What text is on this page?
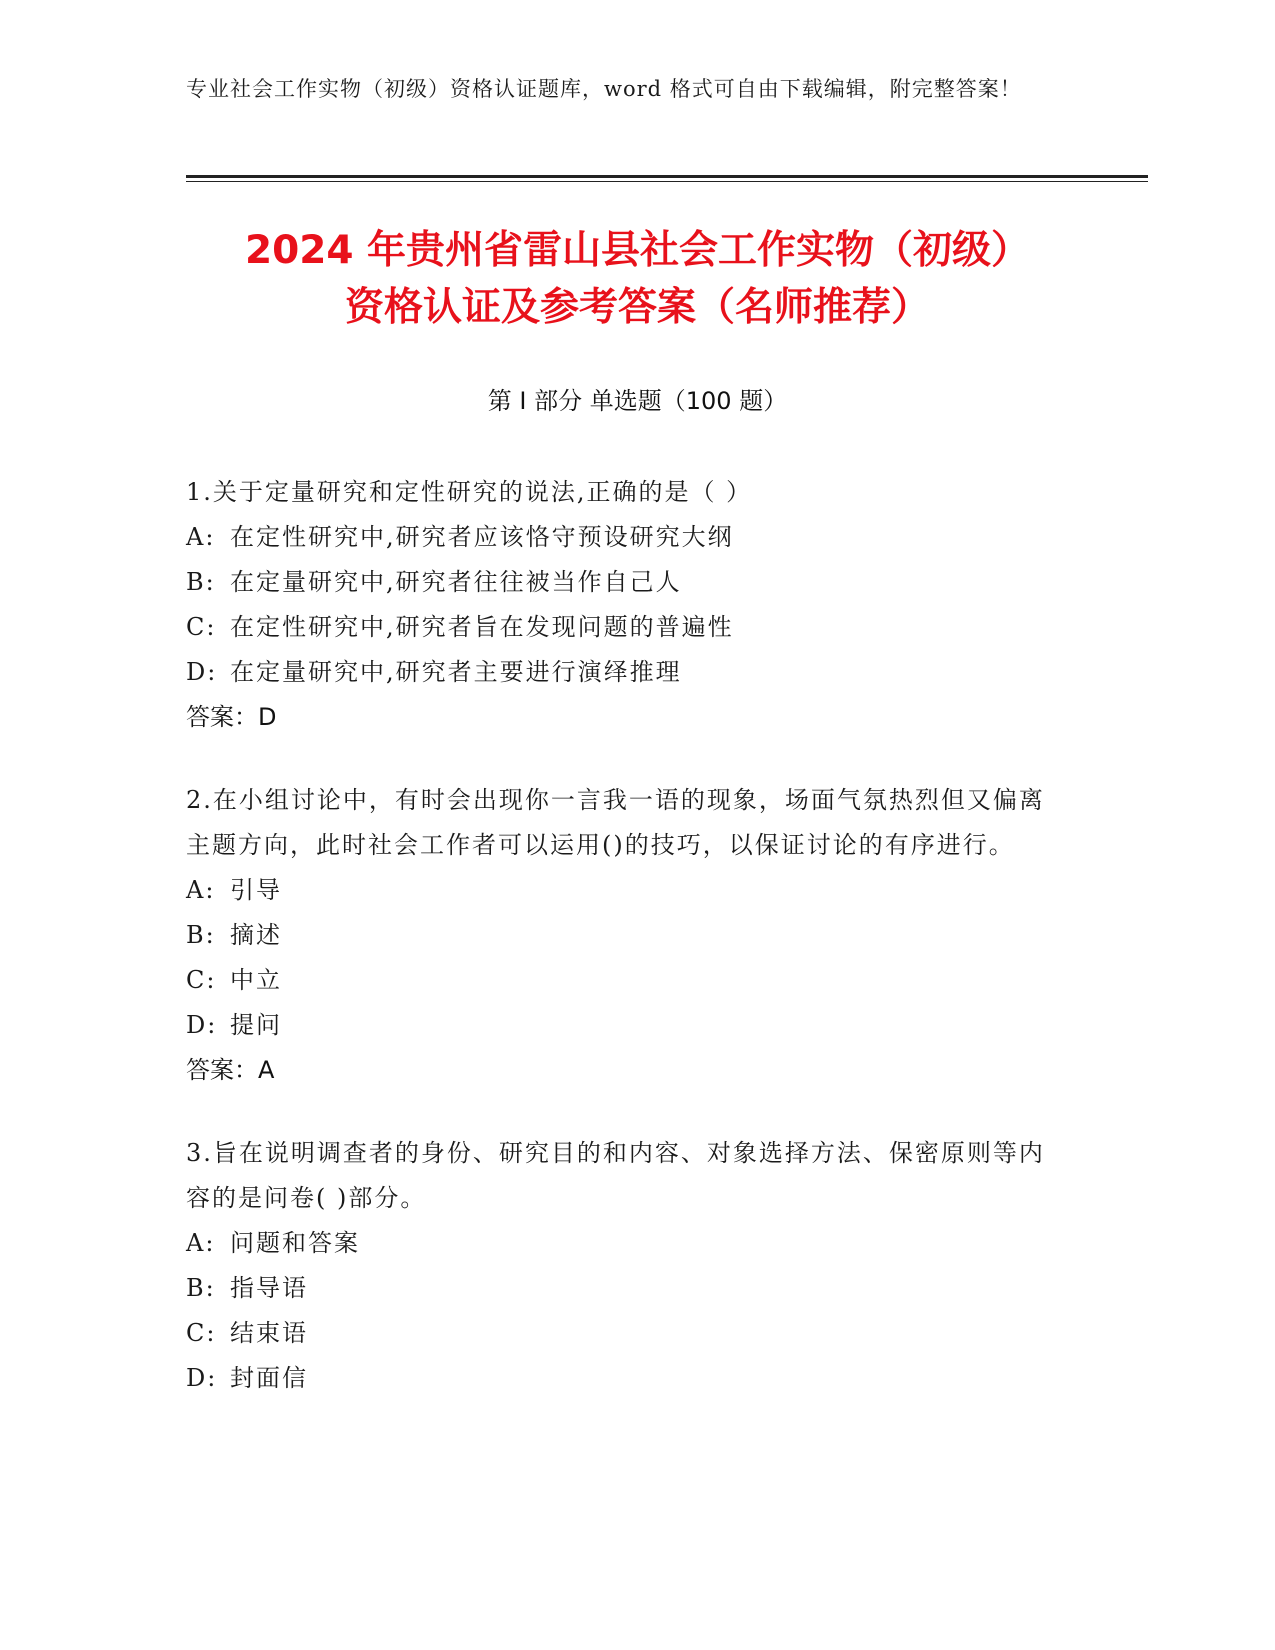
专业社会工作实物（初级）资格认证题库，word 格式可自由下载编辑，附完整答案！
2024 年贵州省雷山县社会工作实物（初级）
资格认证及参考答案（名师推荐）
第 I 部分 单选题（100 题）
1.关于定量研究和定性研究的说法,正确的是（ ）
A: 在定性研究中,研究者应该恪守预设研究大纲
B: 在定量研究中,研究者往往被当作自己人
C: 在定性研究中,研究者旨在发现问题的普遍性
D: 在定量研究中,研究者主要进行演绎推理
答案：D
2.在小组讨论中，有时会出现你一言我一语的现象，场面气氛热烈但又偏离主题方向，此时社会工作者可以运用()的技巧，以保证讨论的有序进行。
A: 引导
B: 摘述
C: 中立
D: 提问
答案：A
3.旨在说明调查者的身份、研究目的和内容、对象选择方法、保密原则等内容的是问卷( )部分。
A: 问题和答案
B: 指导语
C: 结束语
D: 封面信
